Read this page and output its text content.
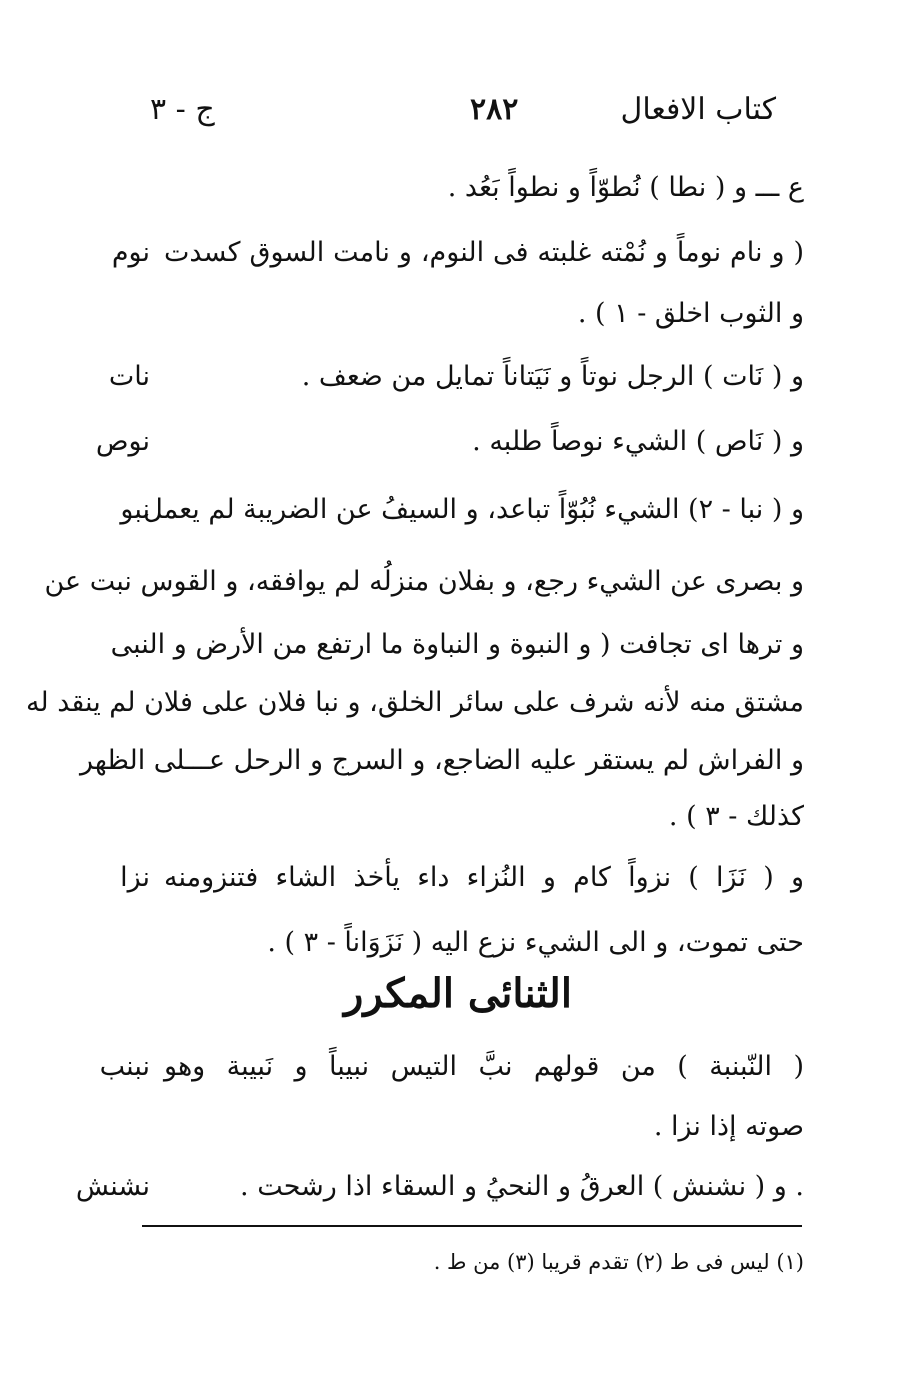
كتاب الافعال
٢٨٢
ج - ٣
ع ـــ و ( نطا ) نُطوّاً و نطواً بَعُد .
نوم ( و نام نوماً و نُمْته غلبته فى النوم، و نامت السوق كسدت
و الثوب اخلق - ١ ) .
نات	و ( نَات ) الرجل نوتاً و نَيَتاناً تمايل من ضعف .
نوص	و ( نَاص ) الشيء نوصاً طلبه .
نبو
و ( نبا - ٢) الشيء نُبُوّاً تباعد، و السيفُ عن الضريبة لم يعمل
و بصرى عن الشيء رجع، و بفلان منزلُه لم يوافقه، و القوس نبت عن
و ترها اى تجافت ( و النبوة و النباوة ما ارتفع من الأرض و النبى
مشتق منه لأنه شرف على سائر الخلق، و نبا فلان على فلان لم ينقد له
و الفراش لم يستقر عليه الضاجع، و السرج و الرحل عـــلى الظهر
كذلك - ٣ ) .
نزا و ( نَزَا ) نزواً كام و النُزاء داء يأخذ الشاء فتنزومنه
حتى تموت، و الى الشيء نزع اليه ( نَزَوَاناً - ٣ ) .
الثنائى المكرر
نبنب ( النّبنبة ) من قولهم نبَّ التيس نبيباً و نَبيبة وهو
صوته إذا نزا .
نشنش	. و ( نشنش ) العرقُ و النحيُ و السقاء اذا رشحت .
(١) ليس فى ط (٢) تقدم قريبا (٣) من ط .
